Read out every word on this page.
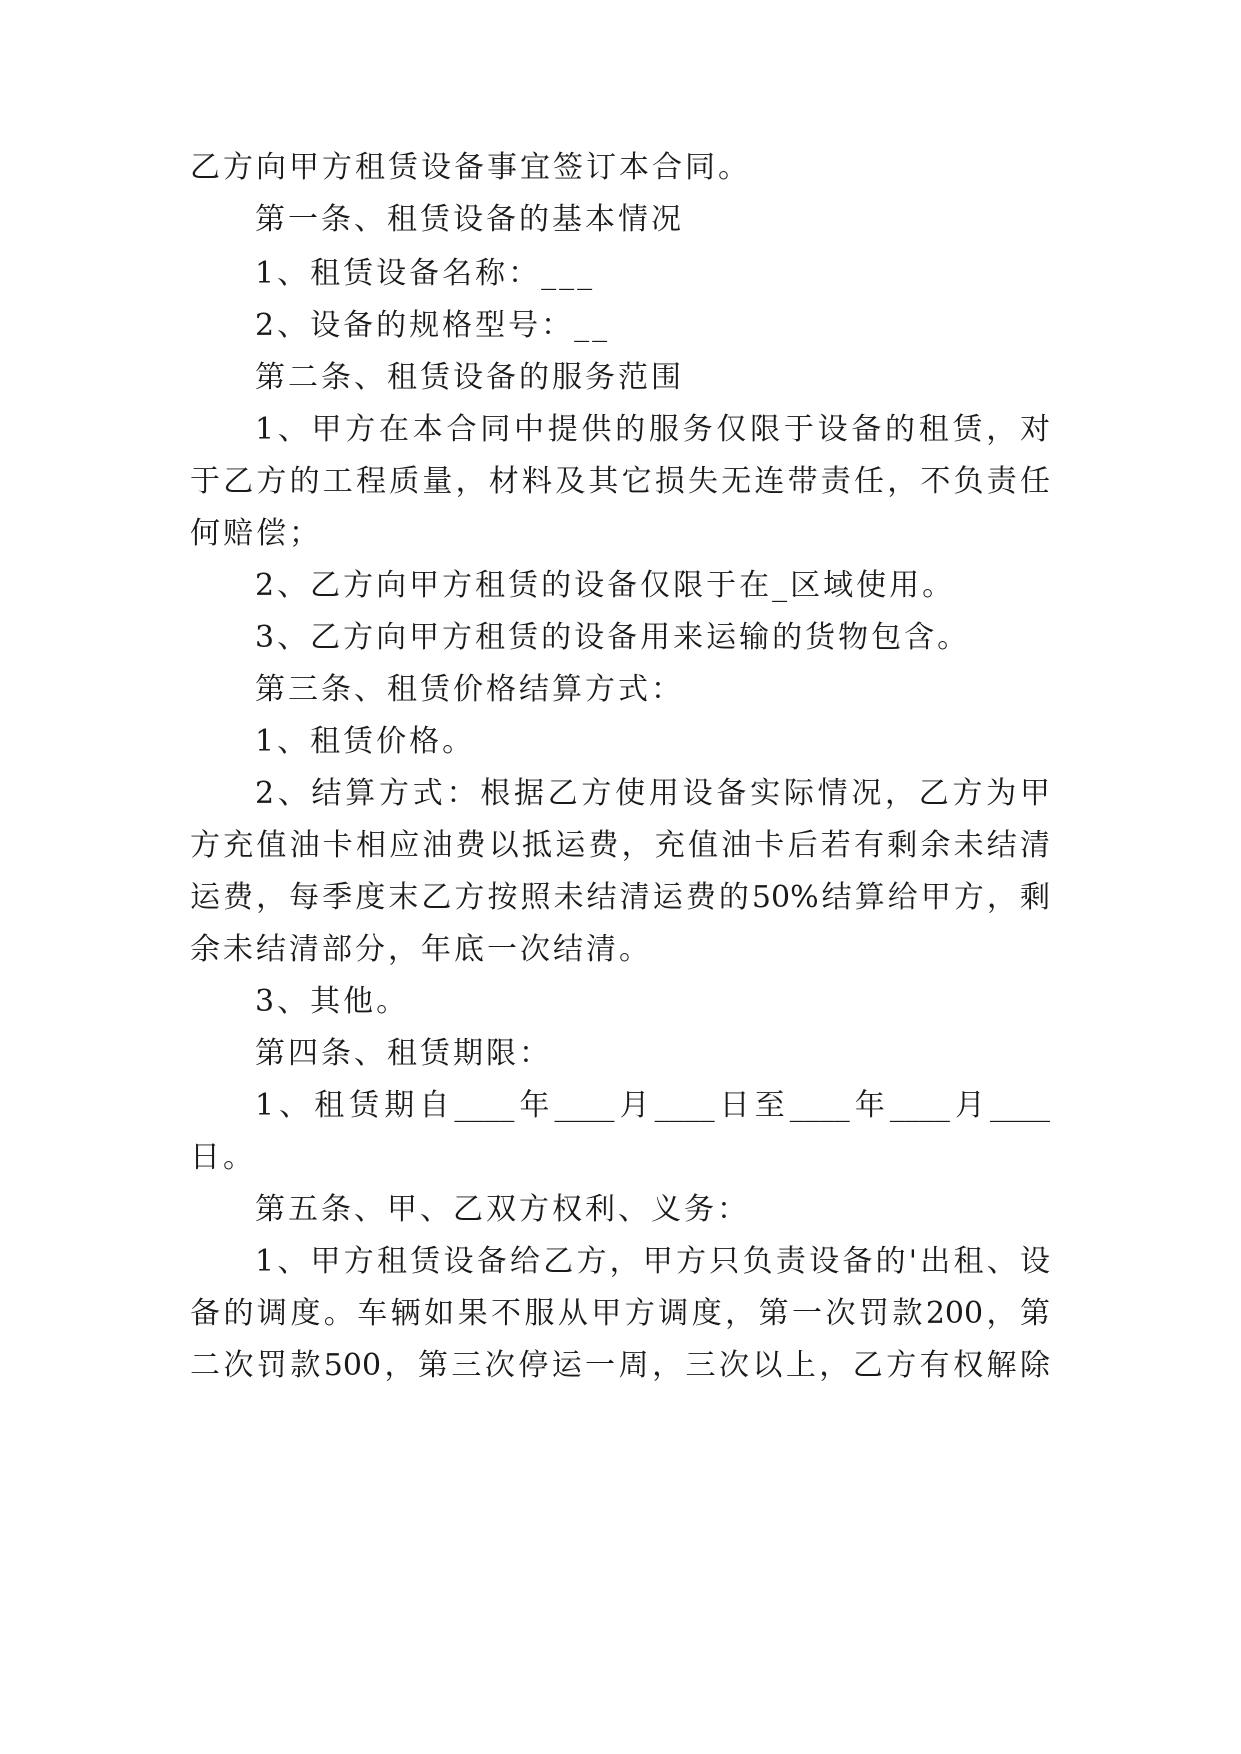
乙方向甲方租赁设备事宜签订本合同。
第一条、租赁设备的基本情况
1、租赁设备名称：___
2、设备的规格型号：__
第二条、租赁设备的服务范围
1、甲方在本合同中提供的服务仅限于设备的租赁，对
于乙方的工程质量，材料及其它损失无连带责任，不负责任
何赔偿；
2、乙方向甲方租赁的设备仅限于在_区域使用。
3、乙方向甲方租赁的设备用来运输的货物包含。
第三条、租赁价格结算方式：
1、租赁价格。
2、结算方式：根据乙方使用设备实际情况，乙方为甲
方充值油卡相应油费以抵运费，充值油卡后若有剩余未结清
运费，每季度末乙方按照未结清运费的50%结算给甲方，剩
余未结清部分，年底一次结清。
3、其他。
第四条、租赁期限：
1、租赁期自____年____月____日至____年____月____
日。
第五条、甲、乙双方权利、义务：
1、甲方租赁设备给乙方，甲方只负责设备的'出租、设
备的调度。车辆如果不服从甲方调度，第一次罚款200，第
二次罚款500，第三次停运一周，三次以上，乙方有权解除
